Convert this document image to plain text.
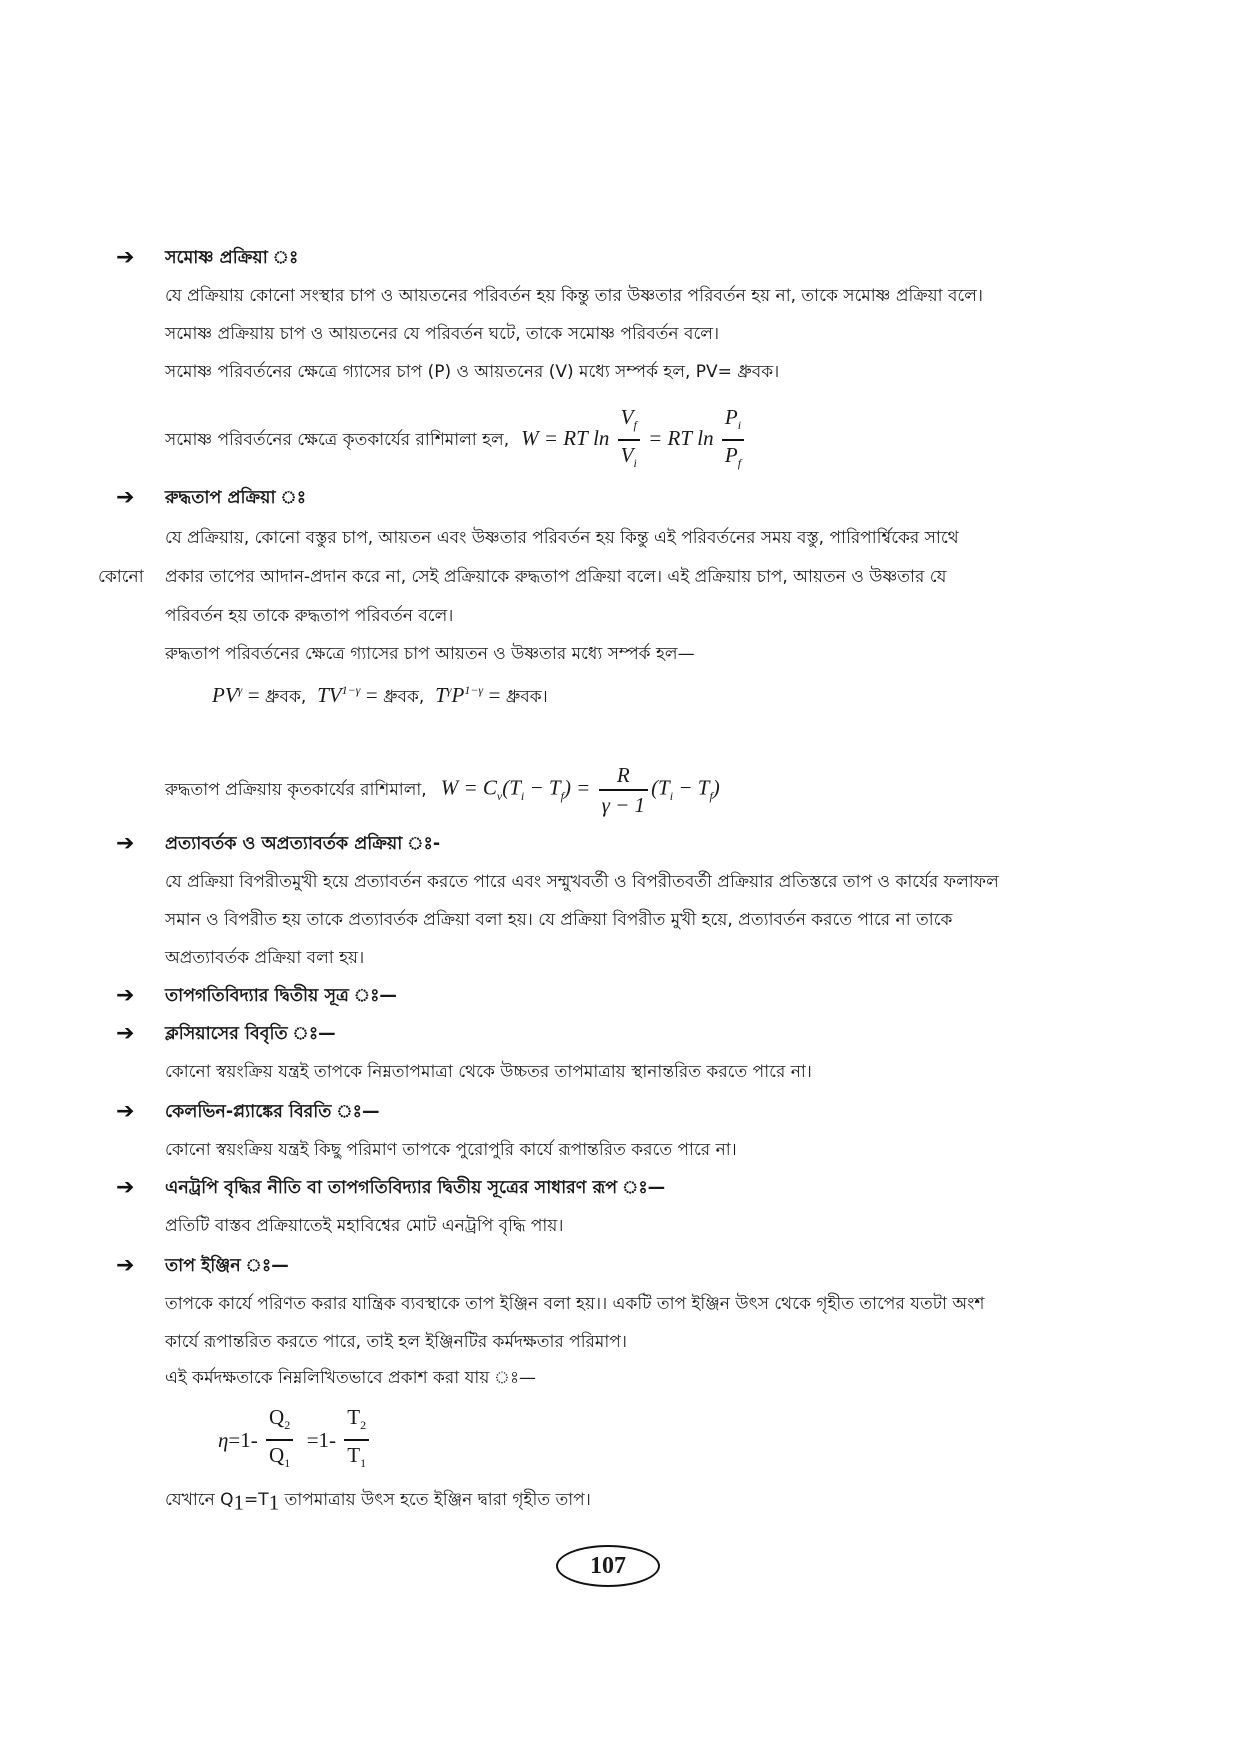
➔ সমোষ্ণ প্রক্রিয়া ঃ
যে প্রক্রিয়ায় কোনো সংস্থার চাপ ও আয়তনের পরিবর্তন হয় কিন্তু তার উষ্ণতার পরিবর্তন হয় না, তাকে সমোষ্ণ প্রক্রিয়া বলে।
সমোষ্ণ প্রক্রিয়ায় চাপ ও আয়তনের যে পরিবর্তন ঘটে, তাকে সমোষ্ণ পরিবর্তন বলে।
সমোষ্ণ পরিবর্তনের ক্ষেত্রে গ্যাসের চাপ (P) ও আয়তনের (V) মধ্যে সম্পর্ক হল, PV= ধ্রুবক।
সমোষ্ণ পরিবর্তনের ক্ষেত্রে কৃতকার্যের রাশিমালা হল, W = RT $\ln \frac{V_f}{V_i}$ = RT $\ln \frac{P_i}{P_f}$
➔ রুদ্ধতাপ প্রক্রিয়া ঃ
যে প্রক্রিয়ায়, কোনো বস্তুর চাপ, আয়তন এবং উষ্ণতার পরিবর্তন হয় কিন্তু এই পরিবর্তনের সময় বস্তু, পারিপার্শ্বিকের সাথে
কোনো প্রকার তাপের আদান-প্রদান করে না, সেই প্রক্রিয়াকে রুদ্ধতাপ প্রক্রিয়া বলে। এই প্রক্রিয়ায় চাপ, আয়তন ও উষ্ণতার যে
পরিবর্তন হয় তাকে রুদ্ধতাপ পরিবর্তন বলে।
রুদ্ধতাপ পরিবর্তনের ক্ষেত্রে গ্যাসের চাপ আয়তন ও উষ্ণতার মধ্যে সম্পর্ক হল—
$PV^\gamma$ = ধ্রুবক,  $TV^{1-\gamma}$ = ধ্রুবক,  $T^\gamma P^{1-\gamma}$ = ধ্রুবক।
রুদ্ধতাপ প্রক্রিয়ায় কৃতকার্যের রাশিমালা, $W = C_v(T_i - T_f) = \frac{R}{\gamma - 1} (T_i - T_f)$
➔ প্রত্যাবর্তক ও অপ্রত্যাবর্তক প্রক্রিয়া ঃ-
যে প্রক্রিয়া বিপরীতমুখী হয়ে প্রত্যাবর্তন করতে পারে এবং সম্মুখবর্তী ও বিপরীতবর্তী প্রক্রিয়ার প্রতিস্তরে তাপ ও কার্যের ফলাফল
সমান ও বিপরীত হয় তাকে প্রত্যাবর্তক প্রক্রিয়া বলা হয়। যে প্রক্রিয়া বিপরীত মুখী হয়ে, প্রত্যাবর্তন করতে পারে না তাকে
অপ্রত্যাবর্তক প্রক্রিয়া বলা হয়।
➔ তাপগতিবিদ্যার দ্বিতীয় সূত্র ঃ—
➔ ক্লসিয়াসের বিবৃতি ঃ—
কোনো স্বয়ংক্রিয় যন্ত্রই তাপকে নিম্নতাপমাত্রা থেকে উচ্চতর তাপমাত্রায় স্থানান্তরিত করতে পারে না।
➔ কেলভিন-প্ল্যাঙ্কের বিরতি ঃ—
কোনো স্বয়ংক্রিয় যন্ত্রই কিছু পরিমাণ তাপকে পুরোপুরি কার্যে রূপান্তরিত করতে পারে না।
➔ এনট্রপি বৃদ্ধির নীতি বা তাপগতিবিদ্যার দ্বিতীয় সূত্রের সাধারণ রূপ ঃ—
প্রতিটি বাস্তব প্রক্রিয়াতেই মহাবিশ্বের মোট এনট্রপি বৃদ্ধি পায়।
➔ তাপ ইঞ্জিন ঃ—
তাপকে কার্যে পরিণত করার যান্ত্রিক ব্যবস্থাকে তাপ ইঞ্জিন বলা হয়।। একটি তাপ ইঞ্জিন উৎস থেকে গৃহীত তাপের যতটা অংশ
কার্যে রূপান্তরিত করতে পারে, তাই হল ইঞ্জিনটির কর্মদক্ষতার পরিমাপ।
এই কর্মদক্ষতাকে নিম্নলিখিতভাবে প্রকাশ করা যায় ঃ—
$\eta =1- \frac{Q_2}{Q_1} =1- \frac{T_2}{T_1}$
যেখানে $Q_1=T_1$ তাপমাত্রায় উৎস হতে ইঞ্জিন দ্বারা গৃহীত তাপ।
107
